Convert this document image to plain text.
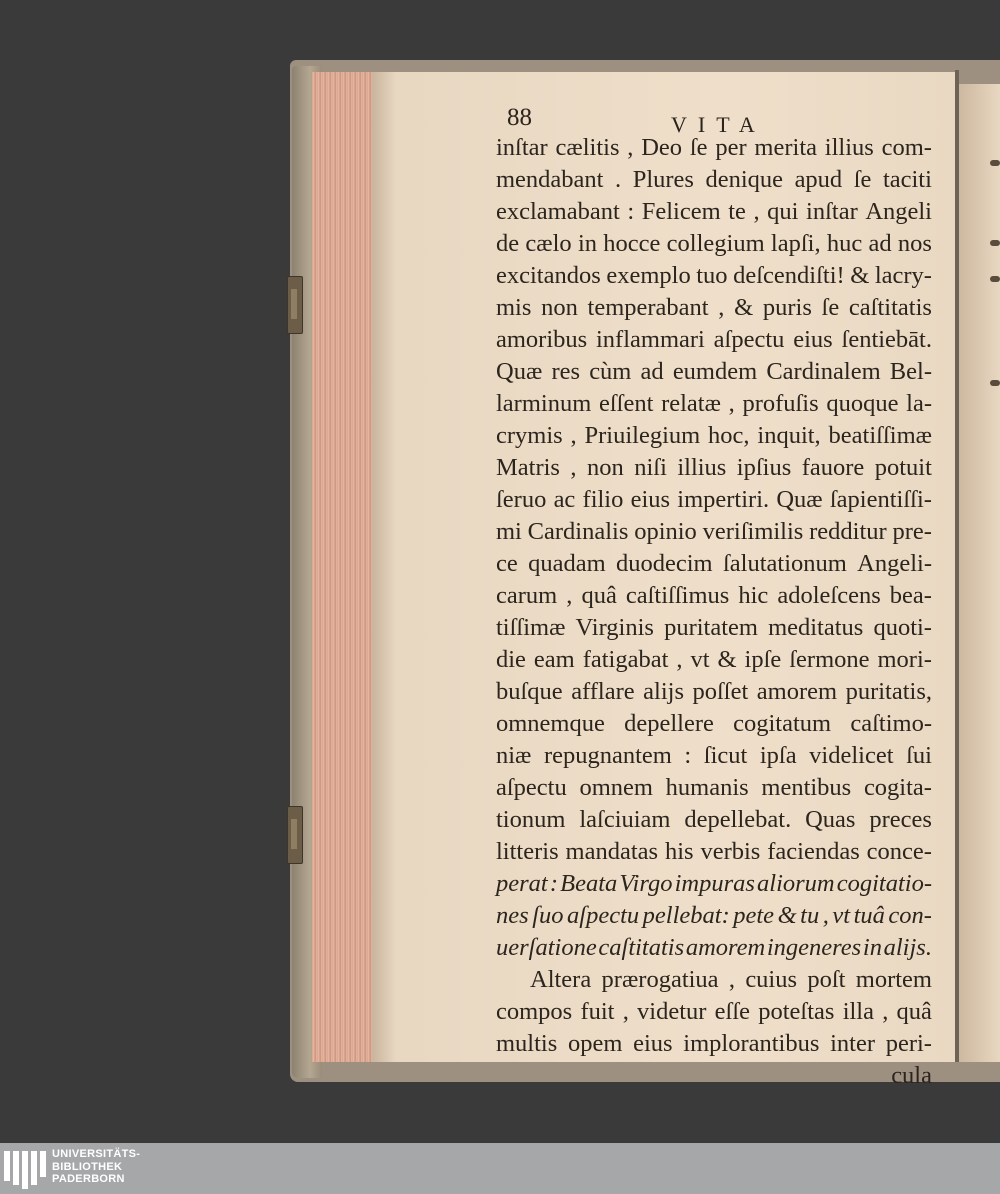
88	VITA
inſtar cælitis , Deo ſe per merita illius com-
mendabant . Plures denique apud ſe taciti
exclamabant : Felicem te , qui inſtar Angeli
de cælo in hocce collegium lapſi, huc ad nos
excitandos exemplo tuo deſcendiſti! & lacry-
mis non temperabant , & puris ſe caſtitatis
amoribus inflammari aſpectu eius ſentiebāt.
Quæ res cùm ad eumdem Cardinalem Bel-
larminum eſſent relatæ , profuſis quoque la-
crymis , Priuilegium hoc, inquit, beatiſſimæ
Matris , non niſi illius ipſius fauore potuit
ſeruo ac filio eius impertiri. Quæ ſapientiſſi-
mi Cardinalis opinio veriſimilis redditur pre-
ce quadam duodecim ſalutationum Angeli-
carum , quâ caſtiſſimus hic adoleſcens bea-
tiſſimæ Virginis puritatem meditatus quoti-
die eam fatigabat , vt & ipſe ſermone mori-
buſque afflare alijs poſſet amorem puritatis,
omnemque depellere cogitatum caſtimo-
niæ repugnantem : ſicut ipſa videlicet ſui
aſpectu omnem humanis mentibus cogita-
tionum laſciuiam depellebat. Quas preces
litteris mandatas his verbis faciendas conce-
perat : Beata Virgo impuras aliorum cogitatio-
nes ſuo aſpectu pellebat: pete & tu , vt tuâ con-
uerſatione caſtitatis amorem ingeneres in alijs.
Altera prærogatiua , cuius poſt mortem
compos fuit , videtur eſſe poteſtas illa , quâ
multis opem eius implorantibus inter peri-
cula
UNIVERSITÄTS-
BIBLIOTHEK
PADERBORN
